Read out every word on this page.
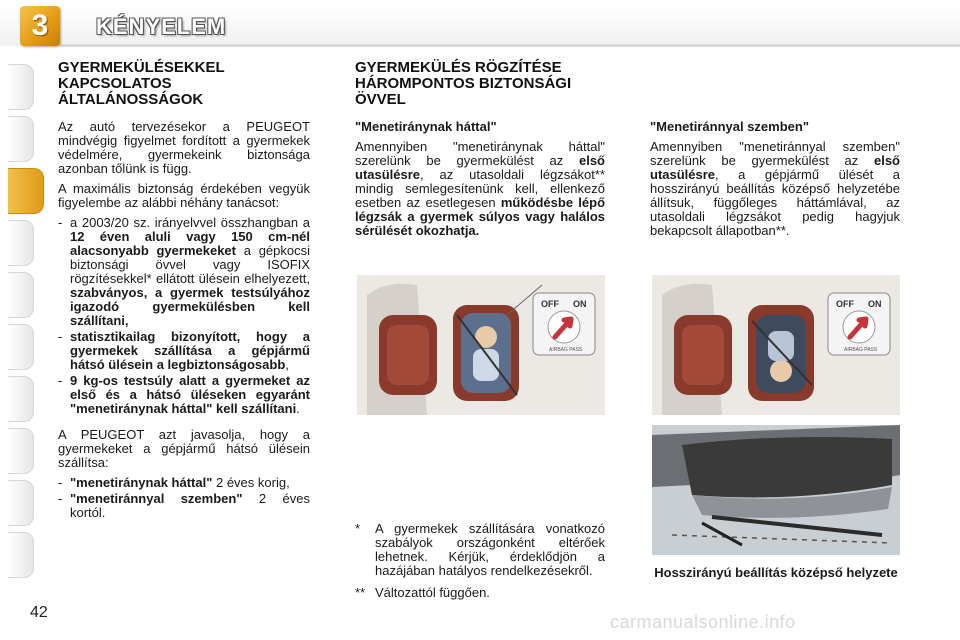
3	KÉNYELEM
GYERMEKÜLÉSEKKEL KAPCSOLATOS ÁLTALÁNOSSÁGOK

Az autó tervezésekor a PEUGEOT mindvégig figyelmet fordított a gyermekek védelmére, gyermekeink biztonsága azonban tőlünk is függ.

A maximális biztonság érdekében vegyük figyelembe az alábbi néhány tanácsot:

- a 2003/20 sz. irányelvvel összhangban a 12 éven aluli vagy 150 cm-nél alacsonyabb gyermekeket a gépkocsi biztonsági övvel vagy ISOFIX rögzítésekkel* ellátott ülésein elhelyezett, szabványos, a gyermek testsúlyához igazodó gyermekülésben kell szállítani,
- statisztikailag bizonyított, hogy a gyermekek szállítása a gépjármű hátsó ülésein a legbiztonságosabb,
- 9 kg-os testsúly alatt a gyermeket az első és a hátsó üléseken egyaránt "menetiránynak háttal" kell szállítani.

A PEUGEOT azt javasolja, hogy a gyermekeket a gépjármű hátsó ülésein szállítsa:

- "menetiránynak háttal" 2 éves korig,
- "menetiránnyal szemben" 2 éves kortól.
GYERMEKÜLÉS RÖGZÍTÉSE HÁROMPONTOS BIZTONSÁGI ÖVVEL
"Menetiránynak háttal"

Amennyiben "menetiránynak háttal" szerelünk be gyermekülést az első utasülésre, az utasoldali légzsákot** mindig semlegesítenünk kell, ellenkező esetben az esetlegesen működésbe lépő légzsák a gyermek súlyos vagy halálos sérülését okozhatja.

"Menetiránnyal szemben"

Amennyiben "menetiránnyal szemben" szerelünk be gyermekülést az első utasülésre, a gépjármű ülését a hosszirányú beállítás középső helyzetébe állítsuk, függőleges háttámlával, az utasoldali légzsákot pedig hagyjuk bekapcsolt állapotban**.

OFF ON
AIRBAG PASS
OFF ON
AIRBAG PASS
* A gyermekek szállítására vonatkozó szabályok országonként eltérőek lehetnek. Kérjük, érdeklődjön a hazájában hatályos rendelkezésekről.
** Változattól függően.
Hosszirányú beállítás középső helyzete
42	carmanualsonline.info
